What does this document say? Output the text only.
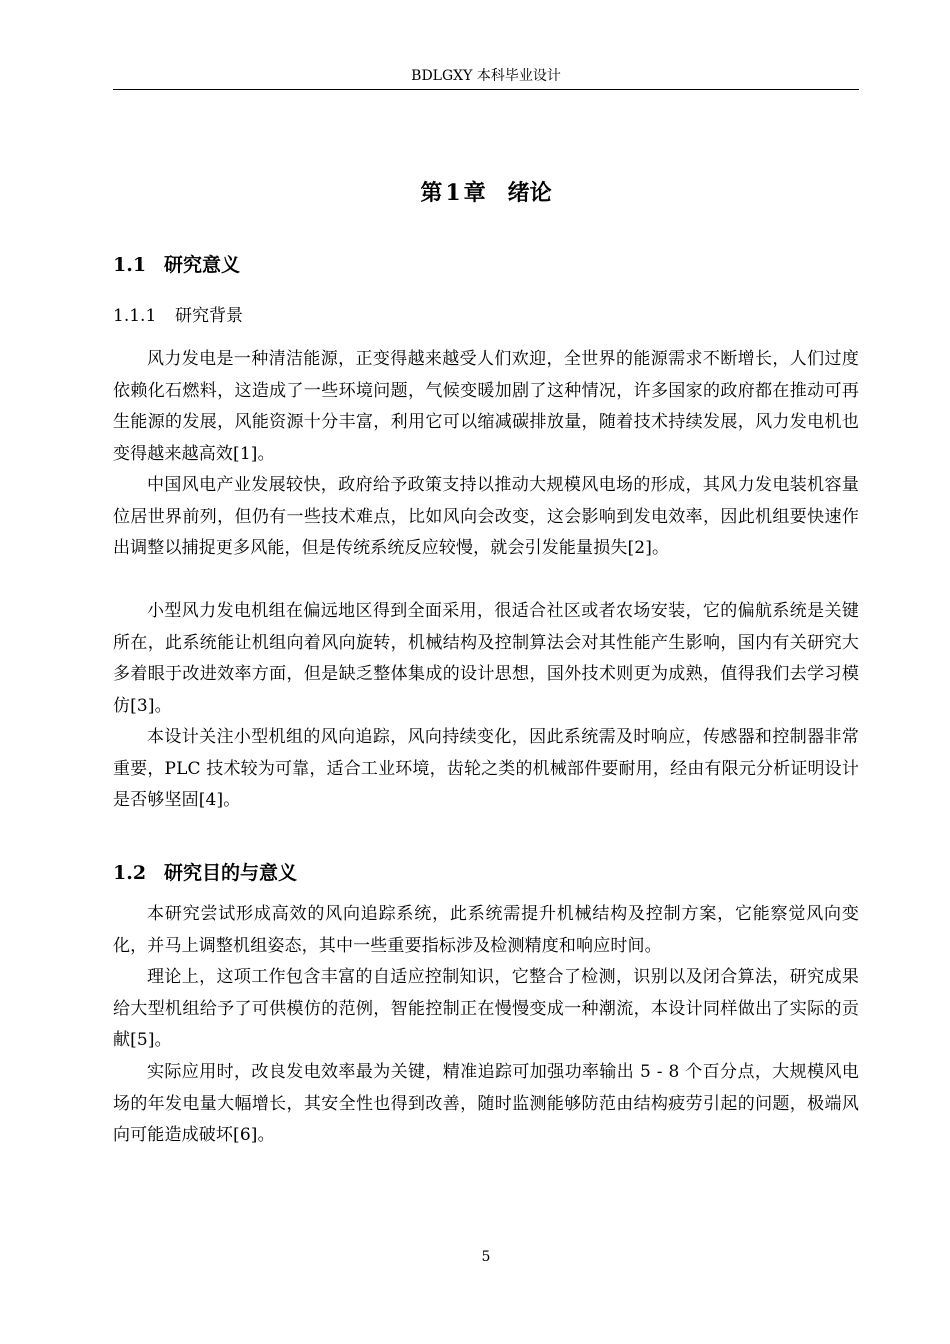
BDLGXY 本科毕业设计
第 1 章 绪论
1.1 研究意义
1.1.1 研究背景

风力发电是一种清洁能源，正变得越来越受人们欢迎，全世界的能源需求不断增长，人们过度依赖化石燃料，这造成了一些环境问题，气候变暖加剧了这种情况，许多国家的政府都在推动可再生能源的发展，风能资源十分丰富，利用它可以缩减碳排放量，随着技术持续发展，风力发电机也变得越来越高效[1]。

中国风电产业发展较快，政府给予政策支持以推动大规模风电场的形成，其风力发电装机容量位居世界前列，但仍有一些技术难点，比如风向会改变，这会影响到发电效率，因此机组要快速作出调整以捕捉更多风能，但是传统系统反应较慢，就会引发能量损失[2]。

小型风力发电机组在偏远地区得到全面采用，很适合社区或者农场安装，它的偏航系统是关键所在，此系统能让机组向着风向旋转，机械结构及控制算法会对其性能产生影响，国内有关研究大多着眼于改进效率方面，但是缺乏整体集成的设计思想，国外技术则更为成熟，值得我们去学习模仿[3]。

本设计关注小型机组的风向追踪，风向持续变化，因此系统需及时响应，传感器和控制器非常重要，PLC 技术较为可靠，适合工业环境，齿轮之类的机械部件要耐用，经由有限元分析证明设计是否够坚固[4]。

1.2 研究目的与意义

本研究尝试形成高效的风向追踪系统，此系统需提升机械结构及控制方案，它能察觉风向变化，并马上调整机组姿态，其中一些重要指标涉及检测精度和响应时间。

理论上，这项工作包含丰富的自适应控制知识，它整合了检测，识别以及闭合算法，研究成果给大型机组给予了可供模仿的范例，智能控制正在慢慢变成一种潮流，本设计同样做出了实际的贡献[5]。

实际应用时，改良发电效率最为关键，精准追踪可加强功率输出 5 - 8 个百分点，大规模风电场的年发电量大幅增长，其安全性也得到改善，随时监测能够防范由结构疲劳引起的问题，极端风向可能造成破坏[6]。

5
